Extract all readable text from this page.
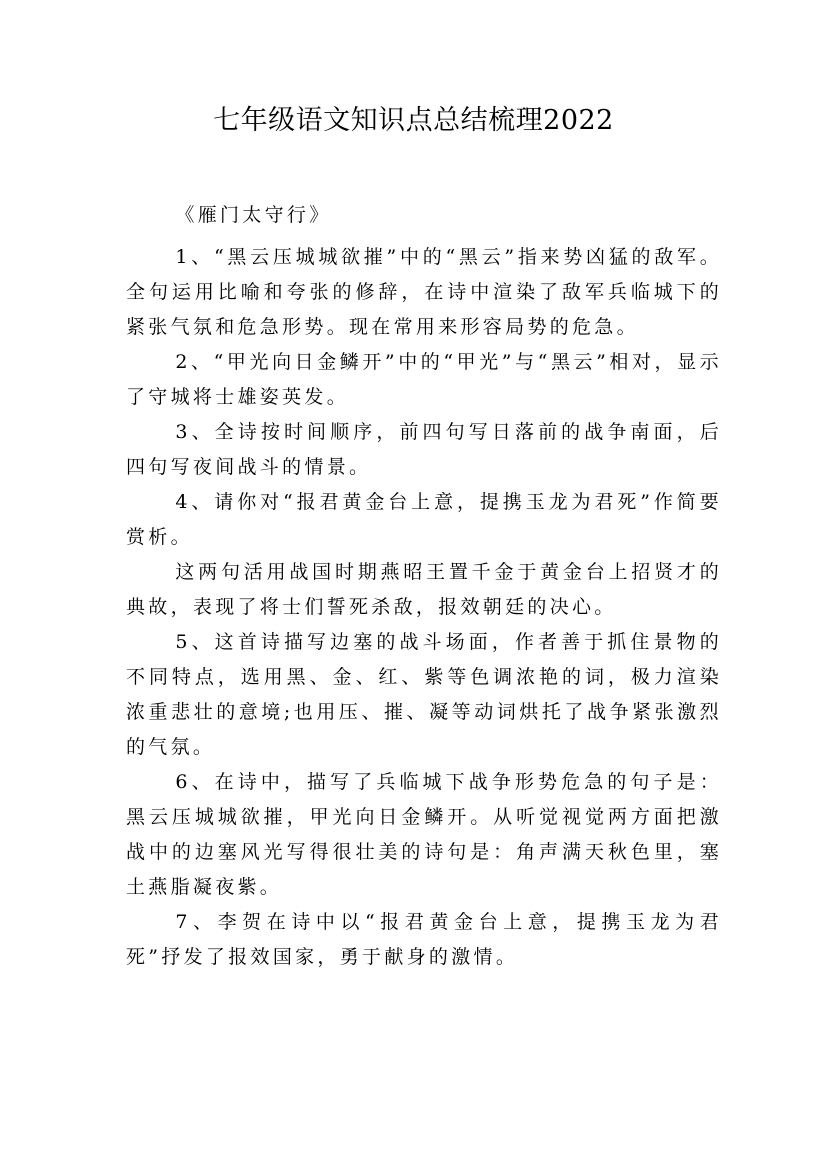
七年级语文知识点总结梳理2022

《雁门太守行》

1、“黑云压城城欲摧”中的“黑云”指来势凶猛的敌军。全句运用比喻和夸张的修辞，在诗中渲染了敌军兵临城下的紧张气氛和危急形势。现在常用来形容局势的危急。

2、“甲光向日金鳞开”中的“甲光”与“黑云”相对，显示了守城将士雄姿英发。

3、全诗按时间顺序，前四句写日落前的战争南面，后四句写夜间战斗的情景。

4、请你对“报君黄金台上意，提携玉龙为君死”作简要赏析。

这两句活用战国时期燕昭王置千金于黄金台上招贤才的典故，表现了将士们誓死杀敌，报效朝廷的决心。

5、这首诗描写边塞的战斗场面，作者善于抓住景物的不同特点，选用黑、金、红、紫等色调浓艳的词，极力渲染浓重悲壮的意境;也用压、摧、凝等动词烘托了战争紧张激烈的气氛。

6、在诗中，描写了兵临城下战争形势危急的句子是：黑云压城城欲摧，甲光向日金鳞开。从听觉视觉两方面把激战中的边塞风光写得很壮美的诗句是：角声满天秋色里，塞土燕脂凝夜紫。

7、李贺在诗中以“报君黄金台上意，提携玉龙为君死”抒发了报效国家，勇于献身的激情。
